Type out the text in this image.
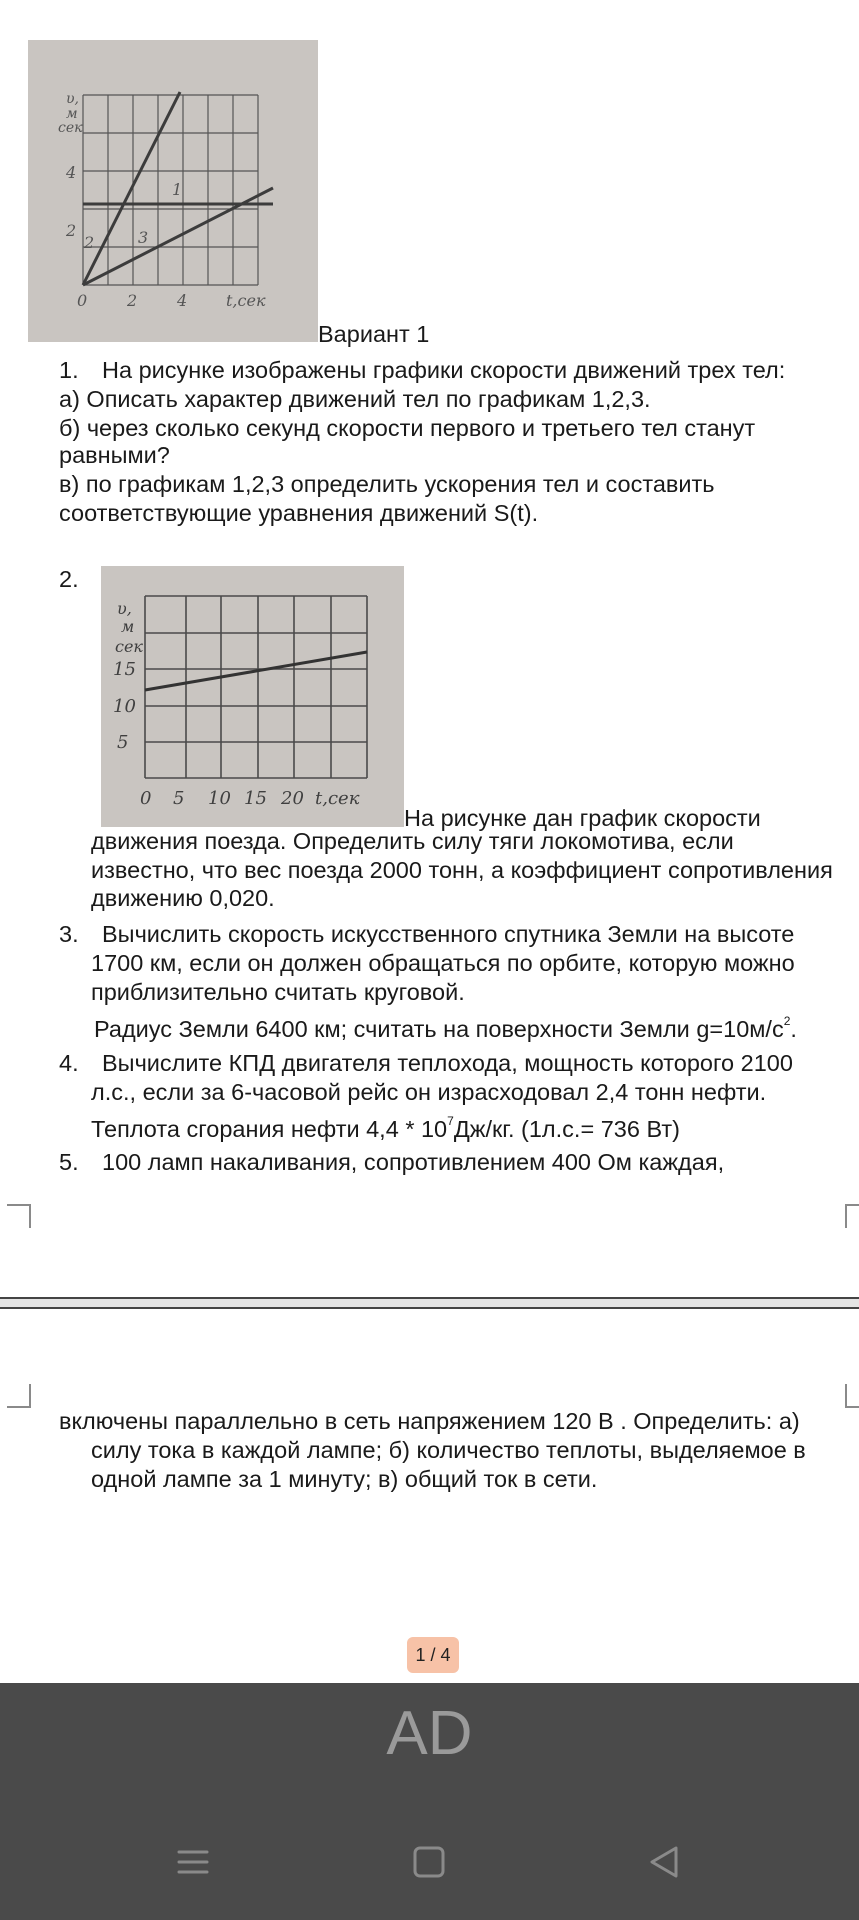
υ,
м
сек
2
4
0 2 4 t,сек
1
2	3
Вариант 1
1. На рисунке изображены графики скорости движений трех тел:
а) Описать характер движений тел по графикам 1,2,3.
б) через сколько секунд скорости первого и третьего тел станут
равными?
в) по графикам 1,2,3 определить ускорения тел и составить
соответствующие уравнения движений S(t).
2.
υ,
м
сек
5
10
15
0 5 10 15 20 t,сек
На рисунке дан график скорости
движения поезда. Определить силу тяги локомотива, если
известно, что вес поезда 2000 тонн, а коэффициент сопротивления
движению 0,020.
3. Вычислить скорость искусственного спутника Земли на высоте
1700 км, если он должен обращаться по орбите, которую можно
приблизительно считать круговой.
Радиус Земли 6400 км; считать на поверхности Земли $g=10м/с^2$.
4. Вычислите КПД двигателя теплохода, мощность которого 2100
л.с., если за 6-часовой рейс он израсходовал 2,4 тонн нефти.
Теплота сгорания нефти $4,4 * 10^7Дж/кг$. (1л.с.= 736 Вт)
5. 100 ламп накаливания, сопротивлением 400 Ом каждая,
включены параллельно в сеть напряжением 120 В . Определить: а)
силу тока в каждой лампе; б) количество теплоты, выделяемое в
одной лампе за 1 минуту; в) общий ток в сети.
1 / 4
AD
